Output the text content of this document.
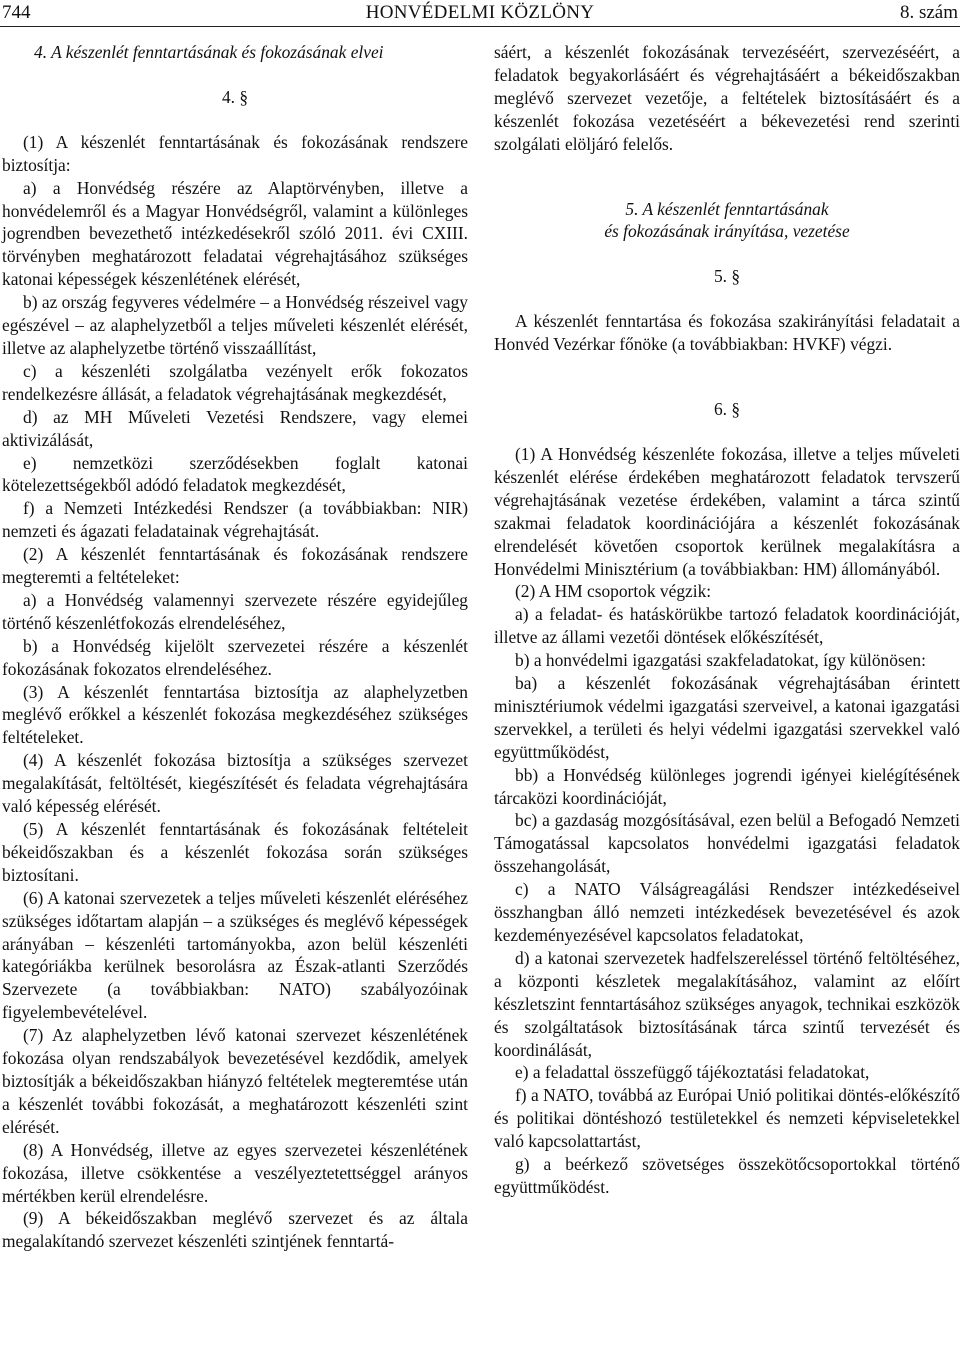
744	HONVÉDELMI KÖZLÖNY	8. szám

4. A készenlét fenntartásának és fokozásának elvei

4. §

(1) A készenlét fenntartásának és fokozásának rendszere biztosítja:

a) a Honvédség részére az Alaptörvényben, illetve a honvédelemről és a Magyar Honvédségről, valamint a különleges jogrendben bevezethető intézkedésekről szóló 2011. évi CXIII. törvényben meghatározott feladatai végrehajtásához szükséges katonai képességek készenlétének elérését,

b) az ország fegyveres védelmére – a Honvédség részeivel vagy egészével – az alaphelyzetből a teljes műveleti készenlét elérését, illetve az alaphelyzetbe történő visszaállítást,

c) a készenléti szolgálatba vezényelt erők fokozatos rendelkezésre állását, a feladatok végrehajtásának megkezdését,

d) az MH Műveleti Vezetési Rendszere, vagy elemei aktivizálását,

e) nemzetközi szerződésekben foglalt katonai kötelezettségekből adódó feladatok megkezdését,

f) a Nemzeti Intézkedési Rendszer (a továbbiakban: NIR) nemzeti és ágazati feladatainak végrehajtását.

(2) A készenlét fenntartásának és fokozásának rendszere megteremti a feltételeket:

a) a Honvédség valamennyi szervezete részére egyidejűleg történő készenlétfokozás elrendeléséhez,

b) a Honvédség kijelölt szervezetei részére a készenlét fokozásának fokozatos elrendeléséhez.

(3) A készenlét fenntartása biztosítja az alaphelyzetben meglévő erőkkel a készenlét fokozása megkezdéséhez szükséges feltételeket.

(4) A készenlét fokozása biztosítja a szükséges szervezet megalakítását, feltöltését, kiegészítését és feladata végrehajtására való képesség elérését.

(5) A készenlét fenntartásának és fokozásának feltételeit békeidőszakban és a készenlét fokozása során szükséges biztosítani.

(6) A katonai szervezetek a teljes műveleti készenlét eléréséhez szükséges időtartam alapján – a szükséges és meglévő képességek arányában – készenléti tartományokba, azon belül készenléti kategóriákba kerülnek besorolásra az Észak-atlanti Szerződés Szervezete (a továbbiakban: NATO) szabályozóinak figyelembevételével.

(7) Az alaphelyzetben lévő katonai szervezet készenlétének fokozása olyan rendszabályok bevezetésével kezdődik, amelyek biztosítják a békeidőszakban hiányzó feltételek megteremtése után a készenlét további fokozását, a meghatározott készenléti szint elérését.

(8) A Honvédség, illetve az egyes szervezetei készenlétének fokozása, illetve csökkentése a veszélyeztetettséggel arányos mértékben kerül elrendelésre.

(9) A békeidőszakban meglévő szervezet és az általa megalakítandó szervezet készenléti szintjének fenntartá-

sáért, a készenlét fokozásának tervezéséért, szervezéséért, a feladatok begyakorlásáért és végrehajtásáért a békeidőszakban meglévő szervezet vezetője, a feltételek biztosításáért és a készenlét fokozása vezetéséért a békevezetési rend szerinti szolgálati elöljáró felelős.

5. A készenlét fenntartásának

és fokozásának irányítása, vezetése

5. §

A készenlét fenntartása és fokozása szakirányítási feladatait a Honvéd Vezérkar főnöke (a továbbiakban: HVKF) végzi.

6. §

(1) A Honvédség készenléte fokozása, illetve a teljes műveleti készenlét elérése érdekében meghatározott feladatok tervszerű végrehajtásának vezetése érdekében, valamint a tárca szintű szakmai feladatok koordinációjára a készenlét fokozásának elrendelését követően csoportok kerülnek megalakításra a Honvédelmi Minisztérium (a továbbiakban: HM) állományából.

(2) A HM csoportok végzik:

a) a feladat- és hatáskörükbe tartozó feladatok koordinációját, illetve az állami vezetői döntések előkészítését,

b) a honvédelmi igazgatási szakfeladatokat, így különösen:

ba) a készenlét fokozásának végrehajtásában érintett minisztériumok védelmi igazgatási szerveivel, a katonai igazgatási szervekkel, a területi és helyi védelmi igazgatási szervekkel való együttműködést,

bb) a Honvédség különleges jogrendi igényei kielégítésének tárcaközi koordinációját,

bc) a gazdaság mozgósításával, ezen belül a Befogadó Nemzeti Támogatással kapcsolatos honvédelmi igazgatási feladatok összehangolását,

c) a NATO Válságreagálási Rendszer intézkedéseivel összhangban álló nemzeti intézkedések bevezetésével és azok kezdeményezésével kapcsolatos feladatokat,

d) a katonai szervezetek hadfelszereléssel történő feltöltéséhez, a központi készletek megalakításához, valamint az előírt készletszint fenntartásához szükséges anyagok, technikai eszközök és szolgáltatások biztosításának tárca szintű tervezését és koordinálását,

e) a feladattal összefüggő tájékoztatási feladatokat,

f) a NATO, továbbá az Európai Unió politikai döntés-előkészítő és politikai döntéshozó testületekkel és nemzeti képviseletekkel való kapcsolattartást,

g) a beérkező szövetséges összekötőcsoportokkal történő együttműködést.
